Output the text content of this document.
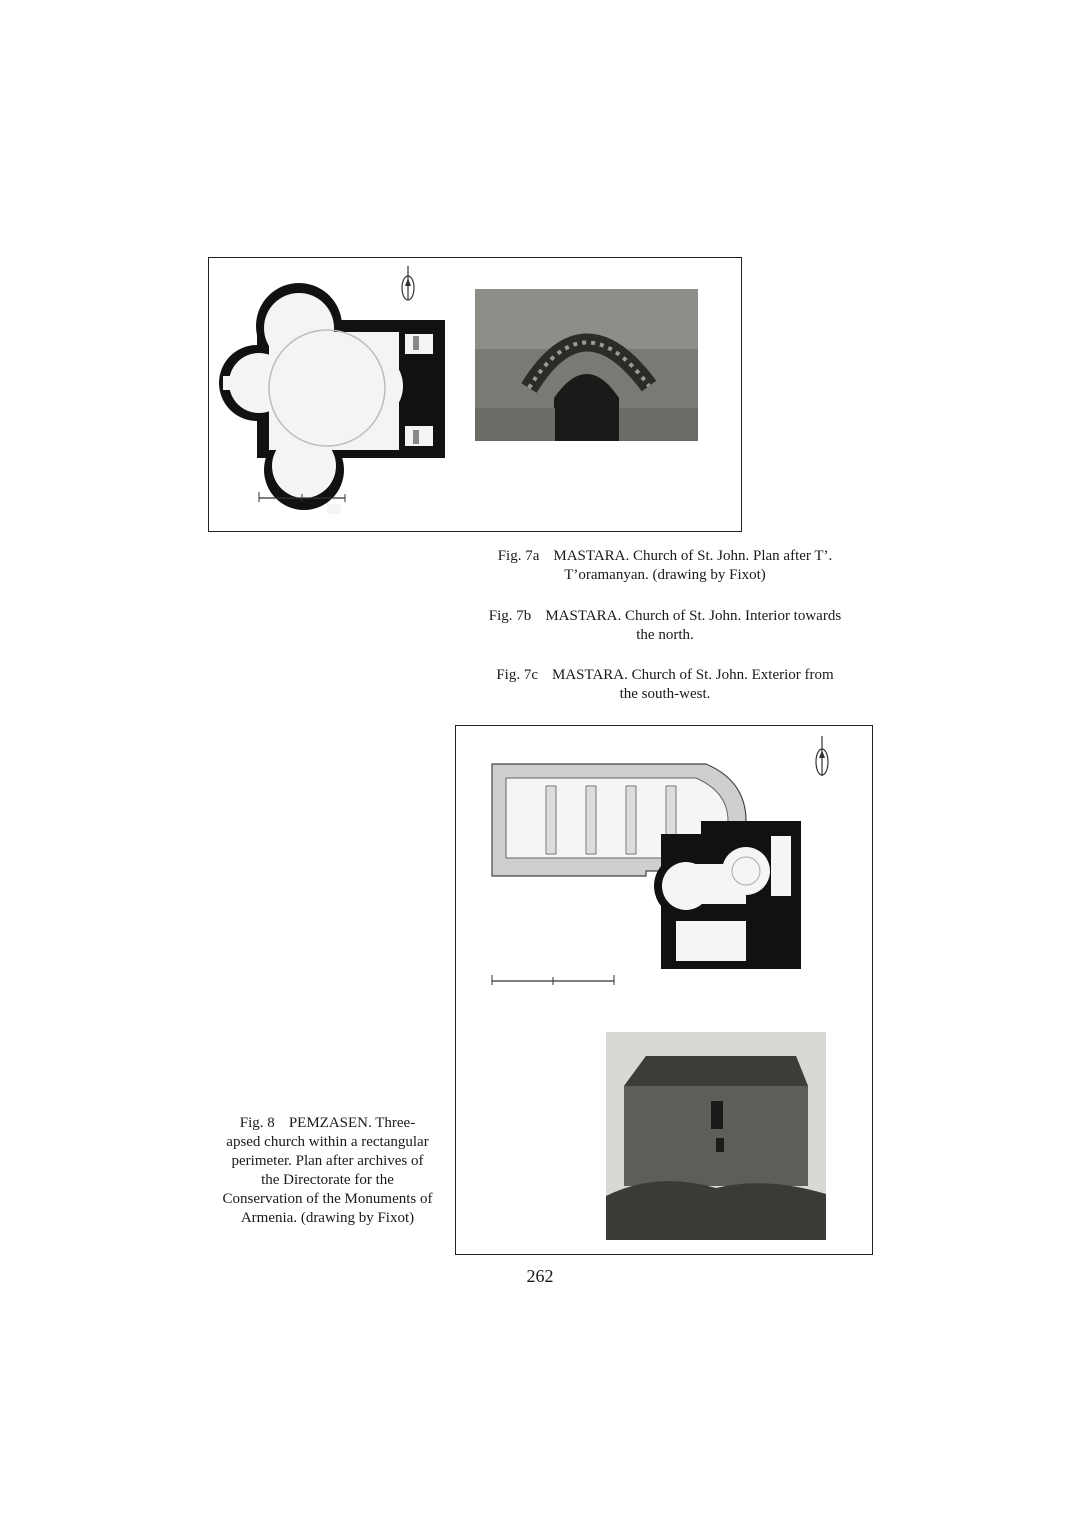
Fig. 7a MASTARA. Church of St. John. Plan after T’.
T’oramanyan. (drawing by Fixot)
Fig. 7b MASTARA. Church of St. John. Interior towards
the north.
Fig. 7c MASTARA. Church of St. John. Exterior from
the south-west.
Fig. 8 PEMZASEN. Three-
apsed church within a rectangular
perimeter. Plan after archives of
the Directorate for the
Conservation of the Monuments of
Armenia. (drawing by Fixot)
262
